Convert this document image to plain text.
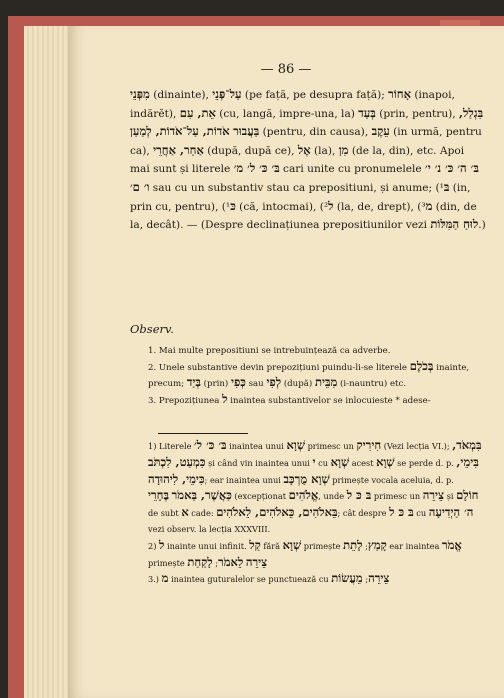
— 86 —

מִפְּנֵי (dinainte), עַל־פְּנֵי (pe față, pe desupra față); אָחוֹר (inapoi, indărĕt), אֵת, עִם (cu, langă, impre-una, la) בְּעַד (prin, pentru), בִּגְלַל, בַּעֲבוּר אֹדוֹת, עַל־אֹדוֹת, לְמַעַן	(pentru, din causa), עֵקֶב (in urmă, pentru ca), אַחַר, אַחֲרֵי (după, după ce), אֶל (la), מִן (de la, din), etc. Apoi mai sunt și literele בּ׳ כּ׳ ל׳ מ׳ cari unite cu pronumelele בּ׳ ה׳ כּ׳ נ׳ י׳ ו׳ ם׳ sau cu un substantiv stau ca prepositiuni, și anume; (¹בּ (in, prin cu, pentru), (¹כּ (că, intocmai), (²ל (la, de, drept), (³מ (din, de la, decât). — (Despre declinațiunea prepositiunilor vezi לוּחַ הַמִּלּוֹת.)

Observ.

1. Mai multe prepositiuni se intrebuințează ca adverbe.

2. Unele substantive devin prepozițiuni puindu-li-se literele בְּכֹלֶם inainte, precum; בְּיַד (prin) כְּפִי sau לְפִי (după) מִבֵּית (i-nauntru) etc.

3. Prepozițiunea ל inaintea substantivelor se inlocuieste * adese-

1) Literele בּ׳ כּ׳ ל׳ inaintea unui שְׁוָא primesc un חִירִיק (Vezi lecția VI.); בִּמְאֹד, כִּמְעַט, לִכְתֹּב și când vin inaintea unui י cu שְׁוָא acest שְׁוָא se perde d. p. בִּימֵי, כִּימֵי, לִיהוּדָה; ear inaintea unui שְׁוָא מֻרְכָּב primește vocala aceluia, d. p. כַּאֲשֶׁר, בַּאמֹר בֶּחָרֵי	(excepționat אֱלֹהִים, unde בּ כּ ל primesc un צֵירֵה și חוֹלָם de subt א cade: בֵּאלֹהִים, כֵּאלֹהִים, לֵאלֹהִים; cât despre בּ כּ ל cu ה׳ הַיְדִיעָה vezi observ. la lecția XXXVIII.

2) ל inainte unui infinit. קַל fără שְׁוָא primește קָמַץ; לָתֵת	ear inaintea אֱמֹר primește	צֵירֵה לֵאמֹר; לָקַחַת

3.) מ inaintea guturalelor se punctuează cu	צֵירֵה; מֵעֲשׂוֹת
